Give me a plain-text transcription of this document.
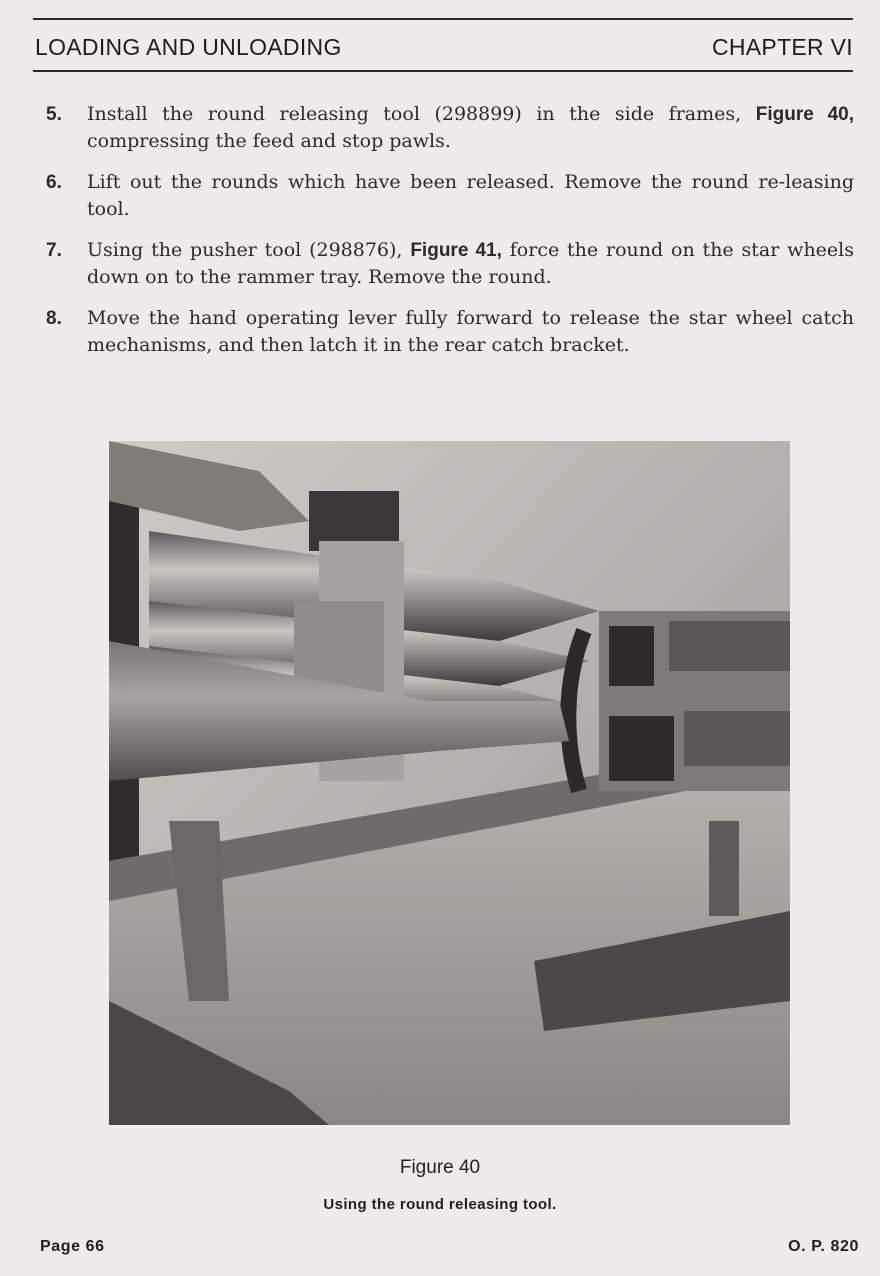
LOADING AND UNLOADING	CHAPTER VI
5.	Install the round releasing tool (298899) in the side frames, Figure 40, compressing the feed and stop pawls.
6.	Lift out the rounds which have been released. Remove the round re-leasing tool.
7.	Using the pusher tool (298876), Figure 41, force the round on the star wheels down on to the rammer tray. Remove the round.
8.	Move the hand operating lever fully forward to release the star wheel catch mechanisms, and then latch it in the rear catch bracket.
Figure 40
Using the round releasing tool.
Page 66	O. P. 820
